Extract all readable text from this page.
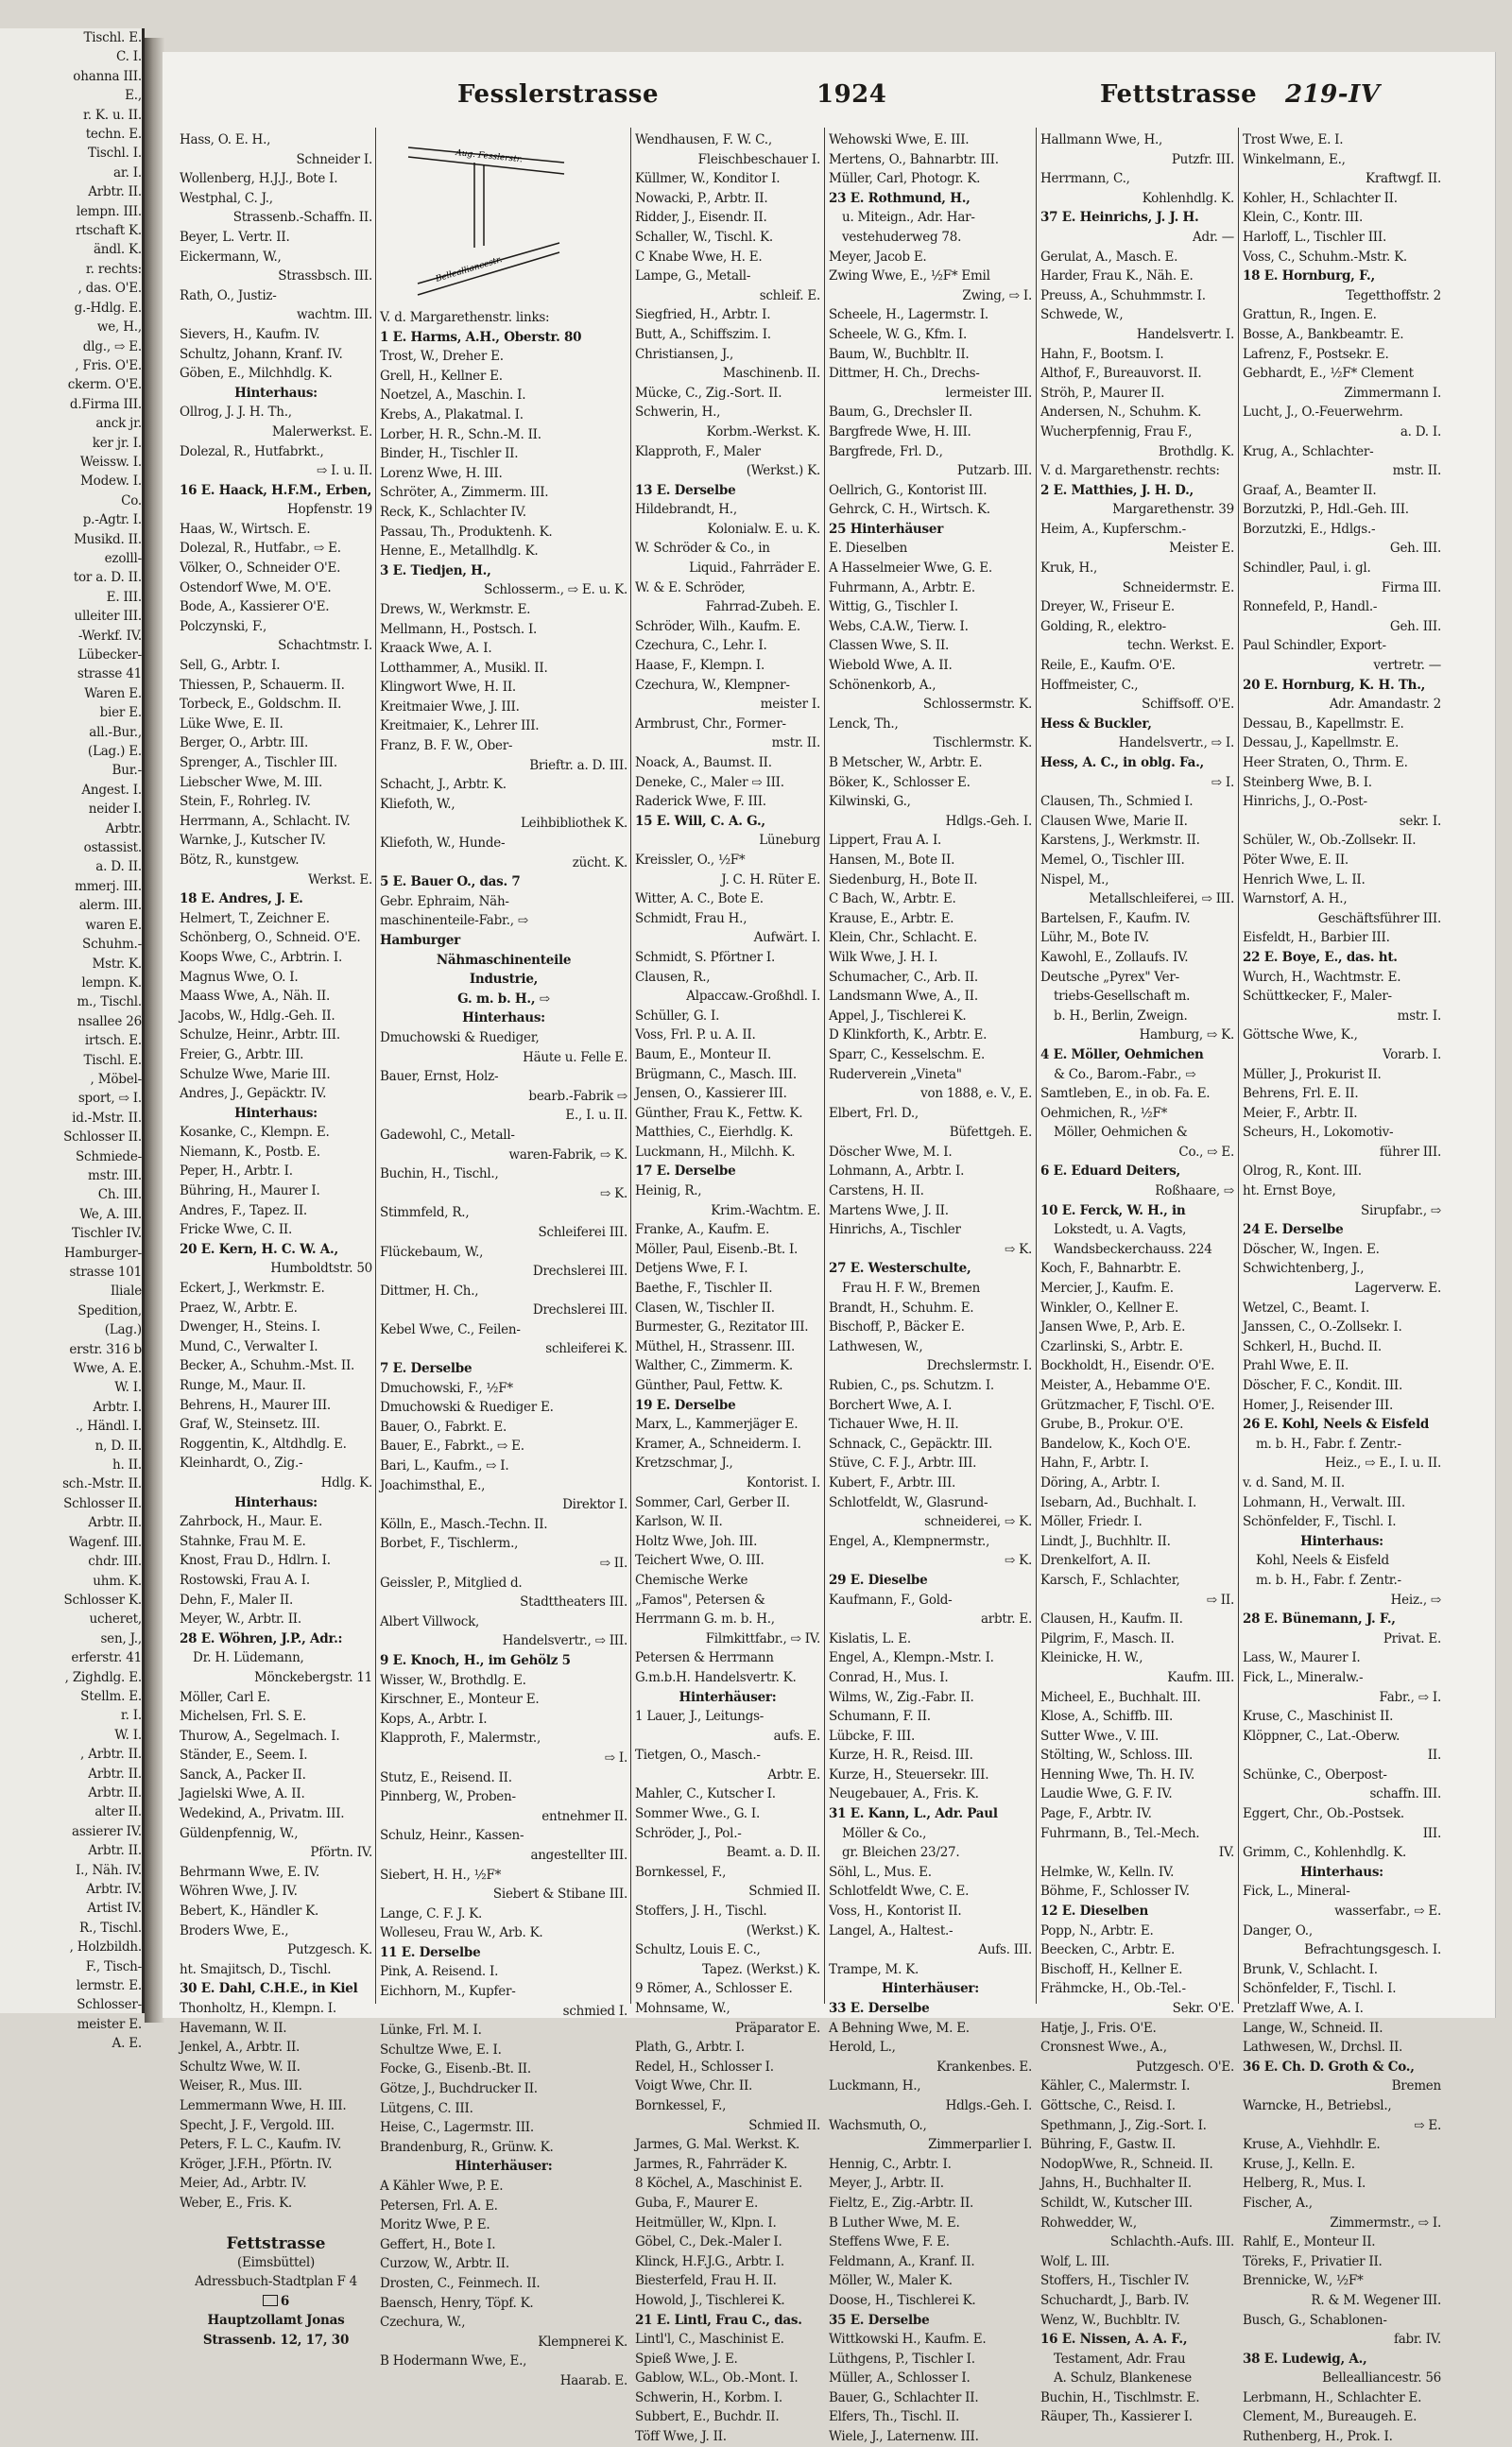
Tischl. E.
C. I.
ohanna III.
E.,
r. K. u. II.
techn. E.
Tischl. I.
ar. I.
Arbtr. II.
lempn. III.
rtschaft K.
ändl. K.
r. rechts:
, das. O'E.
g.-Hdlg. E.
we, H.,
dlg., ⇨ E.
, Fris. O'E.
ckerm. O'E.
d.Firma III.
anck jr.
ker jr. I.
Weissw. I.
Modew. I.
Co.
p.-Agtr. I.
Musikd. II.
ezolll-
tor a. D. II.
E. III.
ulleiter III.
-Werkf. IV.
Lübecker-
strasse 41
Waren E.
bier E.
all.-Bur.,
(Lag.) E.
Bur.-
Angest. I.
neider I.
Arbtr.
ostassist.
a. D. II.
mmerj. III.
alerm. III.
waren E.
Schuhm.-
Mstr. K.
lempn. K.
m., Tischl.
nsallee 26
irtsch. E.
Tischl. E.
, Möbel-
sport, ⇨ I.
id.-Mstr. II.
Schlosser II.
Schmiede-
mstr. III.
Ch. III.
We, A. III.
Tischler IV.
Hamburger-
strasse 101
Iliale
Spedition,
(Lag.)
erstr. 316 b
Wwe, A. E.
W. I.
Arbtr. I.
., Händl. I.
n, D. II.
h. II.
sch.-Mstr. II.
Schlosser II.
Arbtr. II.
Wagenf. III.
chdr. III.
uhm. K.
Schlosser K.
ucheret,
sen, J.,
erferstr. 41
, Zighdlg. E.
Stellm. E.
r. I.
W. I.
, Arbtr. II.
Arbtr. II.
Arbtr. II.
alter II.
assierer IV.
Arbtr. II.
I., Näh. IV.
Arbtr. IV.
Artist IV.
R., Tischl.
, Holzbildh.
F., Tisch-
lermstr. E.
Schlosser-
meister E.
A. E.
Fesslerstrasse	1924	Fettstrasse 219-IV
Hass, O. E. H.,
Schneider I.
Wollenberg, H.J.J., Bote I.
Westphal, C. J.,
Strassenb.-Schaffn. II.
Beyer, L. Vertr. II.
Eickermann, W.,
Strassbsch. III.
Rath, O., Justiz-
wachtm. III.
Sievers, H., Kaufm. IV.
Schultz, Johann, Kranf. IV.
Göben, E., Milchhdlg. K.
Hinterhaus:
Ollrog, J. J. H. Th.,
Malerwerkst. E.
Dolezal, R., Hutfabrkt.,
⇨ I. u. II.
16 E. Haack, H.F.M., Erben,
Hopfenstr. 19
Haas, W., Wirtsch. E.
Dolezal, R., Hutfabr., ⇨ E.
Völker, O., Schneider O'E.
Ostendorf Wwe, M. O'E.
Bode, A., Kassierer O'E.
Polczynski, F.,
Schachtmstr. I.
Sell, G., Arbtr. I.
Thiessen, P., Schauerm. II.
Torbeck, E., Goldschm. II.
Lüke Wwe, E. II.
Berger, O., Arbtr. III.
Sprenger, A., Tischler III.
Liebscher Wwe, M. III.
Stein, F., Rohrleg. IV.
Herrmann, A., Schlacht. IV.
Warnke, J., Kutscher IV.
Bötz, R., kunstgew.
Werkst. E.
18 E. Andres, J. E.
Helmert, T., Zeichner E.
Schönberg, O., Schneid. O'E.
Koops Wwe, C., Arbtrin. I.
Magnus Wwe, O. I.
Maass Wwe, A., Näh. II.
Jacobs, W., Hdlg.-Geh. II.
Schulze, Heinr., Arbtr. III.
Freier, G., Arbtr. III.
Schulze Wwe, Marie III.
Andres, J., Gepäcktr. IV.
Hinterhaus:
Kosanke, C., Klempn. E.
Niemann, K., Postb. E.
Peper, H., Arbtr. I.
Bühring, H., Maurer I.
Andres, F., Tapez. II.
Fricke Wwe, C. II.
20 E. Kern, H. C. W. A.,
Humboldtstr. 50
Eckert, J., Werkmstr. E.
Praez, W., Arbtr. E.
Dwenger, H., Steins. I.
Mund, C., Verwalter I.
Becker, A., Schuhm.-Mst. II.
Runge, M., Maur. II.
Behrens, H., Maurer III.
Graf, W., Steinsetz. III.
Roggentin, K., Altdhdlg. E.
Kleinhardt, O., Zig.-
Hdlg. K.
Hinterhaus:
Zahrbock, H., Maur. E.
Stahnke, Frau M. E.
Knost, Frau D., Hdlrn. I.
Rostowski, Frau A. I.
Dehn, F., Maler II.
Meyer, W., Arbtr. II.
28 E. Wöhren, J.P., Adr.:
Dr. H. Lüdemann,
Mönckebergstr. 11
Möller, Carl E.
Michelsen, Frl. S. E.
Thurow, A., Segelmach. I.
Ständer, E., Seem. I.
Sanck, A., Packer II.
Jagielski Wwe, A. II.
Wedekind, A., Privatm. III.
Güldenpfennig, W.,
Pförtn. IV.
Behrmann Wwe, E. IV.
Wöhren Wwe, J. IV.
Bebert, K., Händler K.
Broders Wwe, E.,
Putzgesch. K.
ht. Smajitsch, D., Tischl.
30 E. Dahl, C.H.E., in Kiel
Thonholtz, H., Klempn. I.
Havemann, W. II.
Jenkel, A., Arbtr. II.
Schultz Wwe, W. II.
Weiser, R., Mus. III.
Lemmermann Wwe, H. III.
Specht, J. F., Vergold. III.
Peters, F. L. C., Kaufm. IV.
Kröger, J.F.H., Pförtn. IV.
Meier, Ad., Arbtr. IV.
Weber, E., Fris. K.
Fettstrasse
(Eimsbüttel)
Adressbuch-Stadtplan F 4
6
Hauptzollamt Jonas
Strassenb. 12, 17, 30
Aug. Fesslerstr.
Bellealliancestr.
V. d. Margarethenstr. links:
1 E. Harms, A.H., Oberstr. 80
Trost, W., Dreher E.
Grell, H., Kellner E.
Noetzel, A., Maschin. I.
Krebs, A., Plakatmal. I.
Lorber, H. R., Schn.-M. II.
Binder, H., Tischler II.
Lorenz Wwe, H. III.
Schröter, A., Zimmerm. III.
Reck, K., Schlachter IV.
Passau, Th., Produktenh. K.
Henne, E., Metallhdlg. K.
3 E. Tiedjen, H.,
Schlosserm., ⇨ E. u. K.
Drews, W., Werkmstr. E.
Mellmann, H., Postsch. I.
Kraack Wwe, A. I.
Lotthammer, A., Musikl. II.
Klingwort Wwe, H. II.
Kreitmaier Wwe, J. III.
Kreitmaier, K., Lehrer III.
Franz, B. F. W., Ober-
Brieftr. a. D. III.
Schacht, J., Arbtr. K.
Kliefoth, W.,
Leihbibliothek K.
Kliefoth, W., Hunde-
zücht. K.
5 E. Bauer O., das. 7
Gebr. Ephraim, Näh-
maschinenteile-Fabr., ⇨
Hamburger
Nähmaschinenteile
Industrie,
G. m. b. H., ⇨
Hinterhaus:
Dmuchowski & Ruediger,
Häute u. Felle E.
Bauer, Ernst, Holz-
bearb.-Fabrik ⇨
E., I. u. II.
Gadewohl, C., Metall-
waren-Fabrik, ⇨ K.
Buchin, H., Tischl.,
⇨ K.
Stimmfeld, R.,
Schleiferei III.
Flückebaum, W.,
Drechslerei III.
Dittmer, H. Ch.,
Drechslerei III.
Kebel Wwe, C., Feilen-
schleiferei K.
7 E. Derselbe
Dmuchowski, F., ½F*
Dmuchowski & Ruediger E.
Bauer, O., Fabrkt. E.
Bauer, E., Fabrkt., ⇨ E.
Bari, L., Kaufm., ⇨ I.
Joachimsthal, E.,
Direktor I.
Kölln, E., Masch.-Techn. II.
Borbet, F., Tischlerm.,
⇨ II.
Geissler, P., Mitglied d.
Stadttheaters III.
Albert Villwock,
Handelsvertr., ⇨ III.
9 E. Knoch, H., im Gehölz 5
Wisser, W., Brothdlg. E.
Kirschner, E., Monteur E.
Kops, A., Arbtr. I.
Klapproth, F., Malermstr.,
⇨ I.
Stutz, E., Reisend. II.
Pinnberg, W., Proben-
entnehmer II.
Schulz, Heinr., Kassen-
angestellter III.
Siebert, H. H., ½F*
Siebert & Stibane III.
Lange, C. F. J. K.
Wolleseu, Frau W., Arb. K.
11 E. Derselbe
Pink, A. Reisend. I.
Eichhorn, M., Kupfer-
schmied I.
Lünke, Frl. M. I.
Schultze Wwe, E. I.
Focke, G., Eisenb.-Bt. II.
Götze, J., Buchdrucker II.
Lütgens, C. III.
Heise, C., Lagermstr. III.
Brandenburg, R., Grünw. K.
Hinterhäuser:
A Kähler Wwe, P. E.
Petersen, Frl. A. E.
Moritz Wwe, P. E.
Geffert, H., Bote I.
Curzow, W., Arbtr. II.
Drosten, C., Feinmech. II.
Baensch, Henry, Töpf. K.
Czechura, W.,
Klempnerei K.
B Hodermann Wwe, E.,
Haarab. E.
Wendhausen, F. W. C.,
Fleischbeschauer I.
Küllmer, W., Konditor I.
Nowacki, P., Arbtr. II.
Ridder, J., Eisendr. II.
Schaller, W., Tischl. K.
C Knabe Wwe, H. E.
Lampe, G., Metall-
schleif. E.
Siegfried, H., Arbtr. I.
Butt, A., Schiffszim. I.
Christiansen, J.,
Maschinenb. II.
Mücke, C., Zig.-Sort. II.
Schwerin, H.,
Korbm.-Werkst. K.
Klapproth, F., Maler
(Werkst.) K.
13 E. Derselbe
Hildebrandt, H.,
Kolonialw. E. u. K.
W. Schröder & Co., in
Liquid., Fahrräder E.
W. & E. Schröder,
Fahrrad-Zubeh. E.
Schröder, Wilh., Kaufm. E.
Czechura, C., Lehr. I.
Haase, F., Klempn. I.
Czechura, W., Klempner-
meister I.
Armbrust, Chr., Former-
mstr. II.
Noack, A., Baumst. II.
Deneke, C., Maler ⇨ III.
Raderick Wwe, F. III.
15 E. Will, C. A. G.,
Lüneburg
Kreissler, O., ½F*
J. C. H. Rüter E.
Witter, A. C., Bote E.
Schmidt, Frau H.,
Aufwärt. I.
Schmidt, S. Pförtner I.
Clausen, R.,
Alpaccaw.-Großhdl. I.
Schüller, G. I.
Voss, Frl. P. u. A. II.
Baum, E., Monteur II.
Brügmann, C., Masch. III.
Jensen, O., Kassierer III.
Günther, Frau K., Fettw. K.
Matthies, C., Eierhdlg. K.
Luckmann, H., Milchh. K.
17 E. Derselbe
Heinig, R.,
Krim.-Wachtm. E.
Franke, A., Kaufm. E.
Möller, Paul, Eisenb.-Bt. I.
Detjens Wwe, F. I.
Baethe, F., Tischler II.
Clasen, W., Tischler II.
Burmester, G., Rezitator III.
Müthel, H., Strassenr. III.
Walther, C., Zimmerm. K.
Günther, Paul, Fettw. K.
19 E. Derselbe
Marx, L., Kammerjäger E.
Kramer, A., Schneiderm. I.
Kretzschmar, J.,
Kontorist. I.
Sommer, Carl, Gerber II.
Karlson, W. II.
Holtz Wwe, Joh. III.
Teichert Wwe, O. III.
Chemische Werke
„Famos", Petersen &
Herrmann G. m. b. H.,
Filmkittfabr., ⇨ IV.
Petersen & Herrmann
G.m.b.H. Handelsvertr. K.
Hinterhäuser:
1 Lauer, J., Leitungs-
aufs. E.
Tietgen, O., Masch.-
Arbtr. E.
Mahler, C., Kutscher I.
Sommer Wwe., G. I.
Schröder, J., Pol.-
Beamt. a. D. II.
Bornkessel, F.,
Schmied II.
Stoffers, J. H., Tischl.
(Werkst.) K.
Schultz, Louis E. C.,
Tapez. (Werkst.) K.
9 Römer, A., Schlosser E.
Mohnsame, W.,
Präparator E.
Plath, G., Arbtr. I.
Redel, H., Schlosser I.
Voigt Wwe, Chr. II.
Bornkessel, F.,
Schmied II.
Jarmes, G. Mal. Werkst. K.
Jarmes, R., Fahrräder K.
8 Köchel, A., Maschinist E.
Guba, F., Maurer E.
Heitmüller, W., Klpn. I.
Göbel, C., Dek.-Maler I.
Klinck, H.F.J.G., Arbtr. I.
Biesterfeld, Frau H. II.
Howold, J., Tischlerei K.
21 E. Lintl, Frau C., das.
Lintl'l, C., Maschinist E.
Spieß Wwe, J. E.
Gablow, W.L., Ob.-Mont. I.
Schwerin, H., Korbm. I.
Subbert, E., Buchdr. II.
Töff Wwe, J. II.
Wehowski Wwe, E. III.
Mertens, O., Bahnarbtr. III.
Müller, Carl, Photogr. K.
23 E. Rothmund, H.,
u. Miteign., Adr. Har-
vestehuderweg 78.
Meyer, Jacob E.
Zwing Wwe, E., ½F* Emil
Zwing, ⇨ I.
Scheele, H., Lagermstr. I.
Scheele, W. G., Kfm. I.
Baum, W., Buchbltr. II.
Dittmer, H. Ch., Drechs-
lermeister III.
Baum, G., Drechsler II.
Bargfrede Wwe, H. III.
Bargfrede, Frl. D.,
Putzarb. III.
Oellrich, G., Kontorist III.
Gehrck, C. H., Wirtsch. K.
25 Hinterhäuser
E. Dieselben
A Hasselmeier Wwe, G. E.
Fuhrmann, A., Arbtr. E.
Wittig, G., Tischler I.
Webs, C.A.W., Tierw. I.
Classen Wwe, S. II.
Wiebold Wwe, A. II.
Schönenkorb, A.,
Schlossermstr. K.
Lenck, Th.,
Tischlermstr. K.
B Metscher, W., Arbtr. E.
Böker, K., Schlosser E.
Kilwinski, G.,
Hdlgs.-Geh. I.
Lippert, Frau A. I.
Hansen, M., Bote II.
Siedenburg, H., Bote II.
C Bach, W., Arbtr. E.
Krause, E., Arbtr. E.
Klein, Chr., Schlacht. E.
Wilk Wwe, J. H. I.
Schumacher, C., Arb. II.
Landsmann Wwe, A., II.
Appel, J., Tischlerei K.
D Klinkforth, K., Arbtr. E.
Sparr, C., Kesselschm. E.
Ruderverein „Vineta"
von 1888, e. V., E.
Elbert, Frl. D.,
Büfettgeh. E.
Döscher Wwe, M. I.
Lohmann, A., Arbtr. I.
Carstens, H. II.
Martens Wwe, J. II.
Hinrichs, A., Tischler
⇨ K.
27 E. Westerschulte,
Frau H. F. W., Bremen
Brandt, H., Schuhm. E.
Bischoff, P., Bäcker E.
Lathwesen, W.,
Drechslermstr. I.
Rubien, C., ps. Schutzm. I.
Borchert Wwe, A. I.
Tichauer Wwe, H. II.
Schnack, C., Gepäcktr. III.
Stüve, C. F. J., Arbtr. III.
Kubert, F., Arbtr. III.
Schlotfeldt, W., Glasrund-
schneiderei, ⇨ K.
Engel, A., Klempnermstr.,
⇨ K.
29 E. Dieselbe
Kaufmann, F., Gold-
arbtr. E.
Kislatis, L. E.
Engel, A., Klempn.-Mstr. I.
Conrad, H., Mus. I.
Wilms, W., Zig.-Fabr. II.
Schumann, F. II.
Lübcke, F. III.
Kurze, H. R., Reisd. III.
Kurze, H., Steuersekr. III.
Neugebauer, A., Fris. K.
31 E. Kann, L., Adr. Paul
Möller & Co.,
gr. Bleichen 23/27.
Söhl, L., Mus. E.
Schlotfeldt Wwe, C. E.
Voss, H., Kontorist II.
Langel, A., Haltest.-
Aufs. III.
Trampe, M. K.
Hinterhäuser:
33 E. Derselbe
A Behning Wwe, M. E.
Herold, L.,
Krankenbes. E.
Luckmann, H.,
Hdlgs.-Geh. I.
Wachsmuth, O.,
Zimmerparlier I.
Hennig, C., Arbtr. I.
Meyer, J., Arbtr. II.
Fieltz, E., Zig.-Arbtr. II.
B Luther Wwe, M. E.
Steffens Wwe, F. E.
Feldmann, A., Kranf. II.
Möller, W., Maler K.
Doose, H., Tischlerei K.
35 E. Derselbe
Wittkowski H., Kaufm. E.
Lüthgens, P., Tischler I.
Müller, A., Schlosser I.
Bauer, G., Schlachter II.
Elfers, Th., Tischl. II.
Wiele, J., Laternenw. III.
Hallmann Wwe, H.,
Putzfr. III.
Herrmann, C.,
Kohlenhdlg. K.
37 E. Heinrichs, J. J. H.
Adr. —
Gerulat, A., Masch. E.
Harder, Frau K., Näh. E.
Preuss, A., Schuhmmstr. I.
Schwede, W.,
Handelsvertr. I.
Hahn, F., Bootsm. I.
Althof, F., Bureauvorst. II.
Ströh, P., Maurer II.
Andersen, N., Schuhm. K.
Wucherpfennig, Frau F.,
Brothdlg. K.
V. d. Margarethenstr. rechts:
2 E. Matthies, J. H. D.,
Margarethenstr. 39
Heim, A., Kupferschm.-
Meister E.
Kruk, H.,
Schneidermstr. E.
Dreyer, W., Friseur E.
Golding, R., elektro-
techn. Werkst. E.
Reile, E., Kaufm. O'E.
Hoffmeister, C.,
Schiffsoff. O'E.
Hess & Buckler,
Handelsvertr., ⇨ I.
Hess, A. C., in oblg. Fa.,
⇨ I.
Clausen, Th., Schmied I.
Clausen Wwe, Marie II.
Karstens, J., Werkmstr. II.
Memel, O., Tischler III.
Nispel, M.,
Metallschleiferei, ⇨ III.
Bartelsen, F., Kaufm. IV.
Lühr, M., Bote IV.
Kawohl, E., Zollaufs. IV.
Deutsche „Pyrex" Ver-
triebs-Gesellschaft m.
b. H., Berlin, Zweign.
Hamburg, ⇨ K.
4 E. Möller, Oehmichen
& Co., Barom.-Fabr., ⇨
Samtleben, E., in ob. Fa. E.
Oehmichen, R., ½F*
Möller, Oehmichen &
Co., ⇨ E.
6 E. Eduard Deiters,
Roßhaare, ⇨
10 E. Ferck, W. H., in
Lokstedt, u. A. Vagts,
Wandsbeckerchauss. 224
Koch, F., Bahnarbtr. E.
Mercier, J., Kaufm. E.
Winkler, O., Kellner E.
Jansen Wwe, P., Arb. E.
Czarlinski, S., Arbtr. E.
Bockholdt, H., Eisendr. O'E.
Meister, A., Hebamme O'E.
Grützmacher, F, Tischl. O'E.
Grube, B., Prokur. O'E.
Bandelow, K., Koch O'E.
Hahn, F., Arbtr. I.
Döring, A., Arbtr. I.
Isebarn, Ad., Buchhalt. I.
Möller, Friedr. I.
Lindt, J., Buchhltr. II.
Drenkelfort, A. II.
Karsch, F., Schlachter,
⇨ II.
Clausen, H., Kaufm. II.
Pilgrim, F., Masch. II.
Kleinicke, H. W.,
Kaufm. III.
Micheel, E., Buchhalt. III.
Klose, A., Schiffb. III.
Sutter Wwe., V. III.
Stölting, W., Schloss. III.
Henning Wwe, Th. H. IV.
Laudie Wwe, G. F. IV.
Page, F., Arbtr. IV.
Fuhrmann, B., Tel.-Mech.
IV.
Helmke, W., Kelln. IV.
Böhme, F., Schlosser IV.
12 E. Dieselben
Popp, N., Arbtr. E.
Beecken, C., Arbtr. E.
Bischoff, H., Kellner E.
Frähmcke, H., Ob.-Tel.-
Sekr. O'E.
Hatje, J., Fris. O'E.
Cronsnest Wwe., A.,
Putzgesch. O'E.
Kähler, C., Malermstr. I.
Göttsche, C., Reisd. I.
Spethmann, J., Zig.-Sort. I.
Bühring, F., Gastw. II.
NodopWwe, R., Schneid. II.
Jahns, H., Buchhalter II.
Schildt, W., Kutscher III.
Rohwedder, W.,
Schlachth.-Aufs. III.
Wolf, L. III.
Stoffers, H., Tischler IV.
Schuchardt, J., Barb. IV.
Wenz, W., Buchbltr. IV.
16 E. Nissen, A. A. F.,
Testament, Adr. Frau
A. Schulz, Blankenese
Buchin, H., Tischlmstr. E.
Räuper, Th., Kassierer I.
Trost Wwe, E. I.
Winkelmann, E.,
Kraftwgf. II.
Kohler, H., Schlachter II.
Klein, C., Kontr. III.
Harloff, L., Tischler III.
Voss, C., Schuhm.-Mstr. K.
18 E. Hornburg, F.,
Tegetthoffstr. 2
Grattun, R., Ingen. E.
Bosse, A., Bankbeamtr. E.
Lafrenz, F., Postsekr. E.
Gebhardt, E., ½F* Clement
Zimmermann I.
Lucht, J., O.-Feuerwehrm.
a. D. I.
Krug, A., Schlachter-
mstr. II.
Graaf, A., Beamter II.
Borzutzki, P., Hdl.-Geh. III.
Borzutzki, E., Hdlgs.-
Geh. III.
Schindler, Paul, i. gl.
Firma III.
Ronnefeld, P., Handl.-
Geh. III.
Paul Schindler, Export-
vertretr. —
20 E. Hornburg, K. H. Th.,
Adr. Amandastr. 2
Dessau, B., Kapellmstr. E.
Dessau, J., Kapellmstr. E.
Heer Straten, O., Thrm. E.
Steinberg Wwe, B. I.
Hinrichs, J., O.-Post-
sekr. I.
Schüler, W., Ob.-Zollsekr. II.
Pöter Wwe, E. II.
Henrich Wwe, L. II.
Warnstorf, A. H.,
Geschäftsführer III.
Eisfeldt, H., Barbier III.
22 E. Boye, E., das. ht.
Wurch, H., Wachtmstr. E.
Schüttkecker, F., Maler-
mstr. I.
Göttsche Wwe, K.,
Vorarb. I.
Müller, J., Prokurist II.
Behrens, Frl. E. II.
Meier, F., Arbtr. II.
Scheurs, H., Lokomotiv-
führer III.
Olrog, R., Kont. III.
ht. Ernst Boye,
Sirupfabr., ⇨
24 E. Derselbe
Döscher, W., Ingen. E.
Schwichtenberg, J.,
Lagerverw. E.
Wetzel, C., Beamt. I.
Janssen, C., O.-Zollsekr. I.
Schkerl, H., Buchd. II.
Prahl Wwe, E. II.
Döscher, F. C., Kondit. III.
Homer, J., Reisender III.
26 E. Kohl, Neels & Eisfeld
m. b. H., Fabr. f. Zentr.-
Heiz., ⇨ E., I. u. II.
v. d. Sand, M. II.
Lohmann, H., Verwalt. III.
Schönfelder, F., Tischl. I.
Hinterhaus:
Kohl, Neels & Eisfeld
m. b. H., Fabr. f. Zentr.-
Heiz., ⇨
28 E. Bünemann, J. F.,
Privat. E.
Lass, W., Maurer I.
Fick, L., Mineralw.-
Fabr., ⇨ I.
Kruse, C., Maschinist II.
Klöppner, C., Lat.-Oberw.
II.
Schünke, C., Oberpost-
schaffn. III.
Eggert, Chr., Ob.-Postsek.
III.
Grimm, C., Kohlenhdlg. K.
Hinterhaus:
Fick, L., Mineral-
wasserfabr., ⇨ E.
Danger, O.,
Befrachtungsgesch. I.
Brunk, V., Schlacht. I.
Schönfelder, F., Tischl. I.
Pretzlaff Wwe, A. I.
Lange, W., Schneid. II.
Lathwesen, W., Drchsl. II.
36 E. Ch. D. Groth & Co.,
Bremen
Warncke, H., Betriebsl.,
⇨ E.
Kruse, A., Viehhdlr. E.
Kruse, J., Kelln. E.
Helberg, R., Mus. I.
Fischer, A.,
Zimmermstr., ⇨ I.
Rahlf, E., Monteur II.
Töreks, F., Privatier II.
Brennicke, W., ½F*
R. & M. Wegener III.
Busch, G., Schablonen-
fabr. IV.
38 E. Ludewig, A.,
Bellealliancestr. 56
Lerbmann, H., Schlachter E.
Clement, M., Bureaugeh. E.
Ruthenberg, H., Prok. I.
